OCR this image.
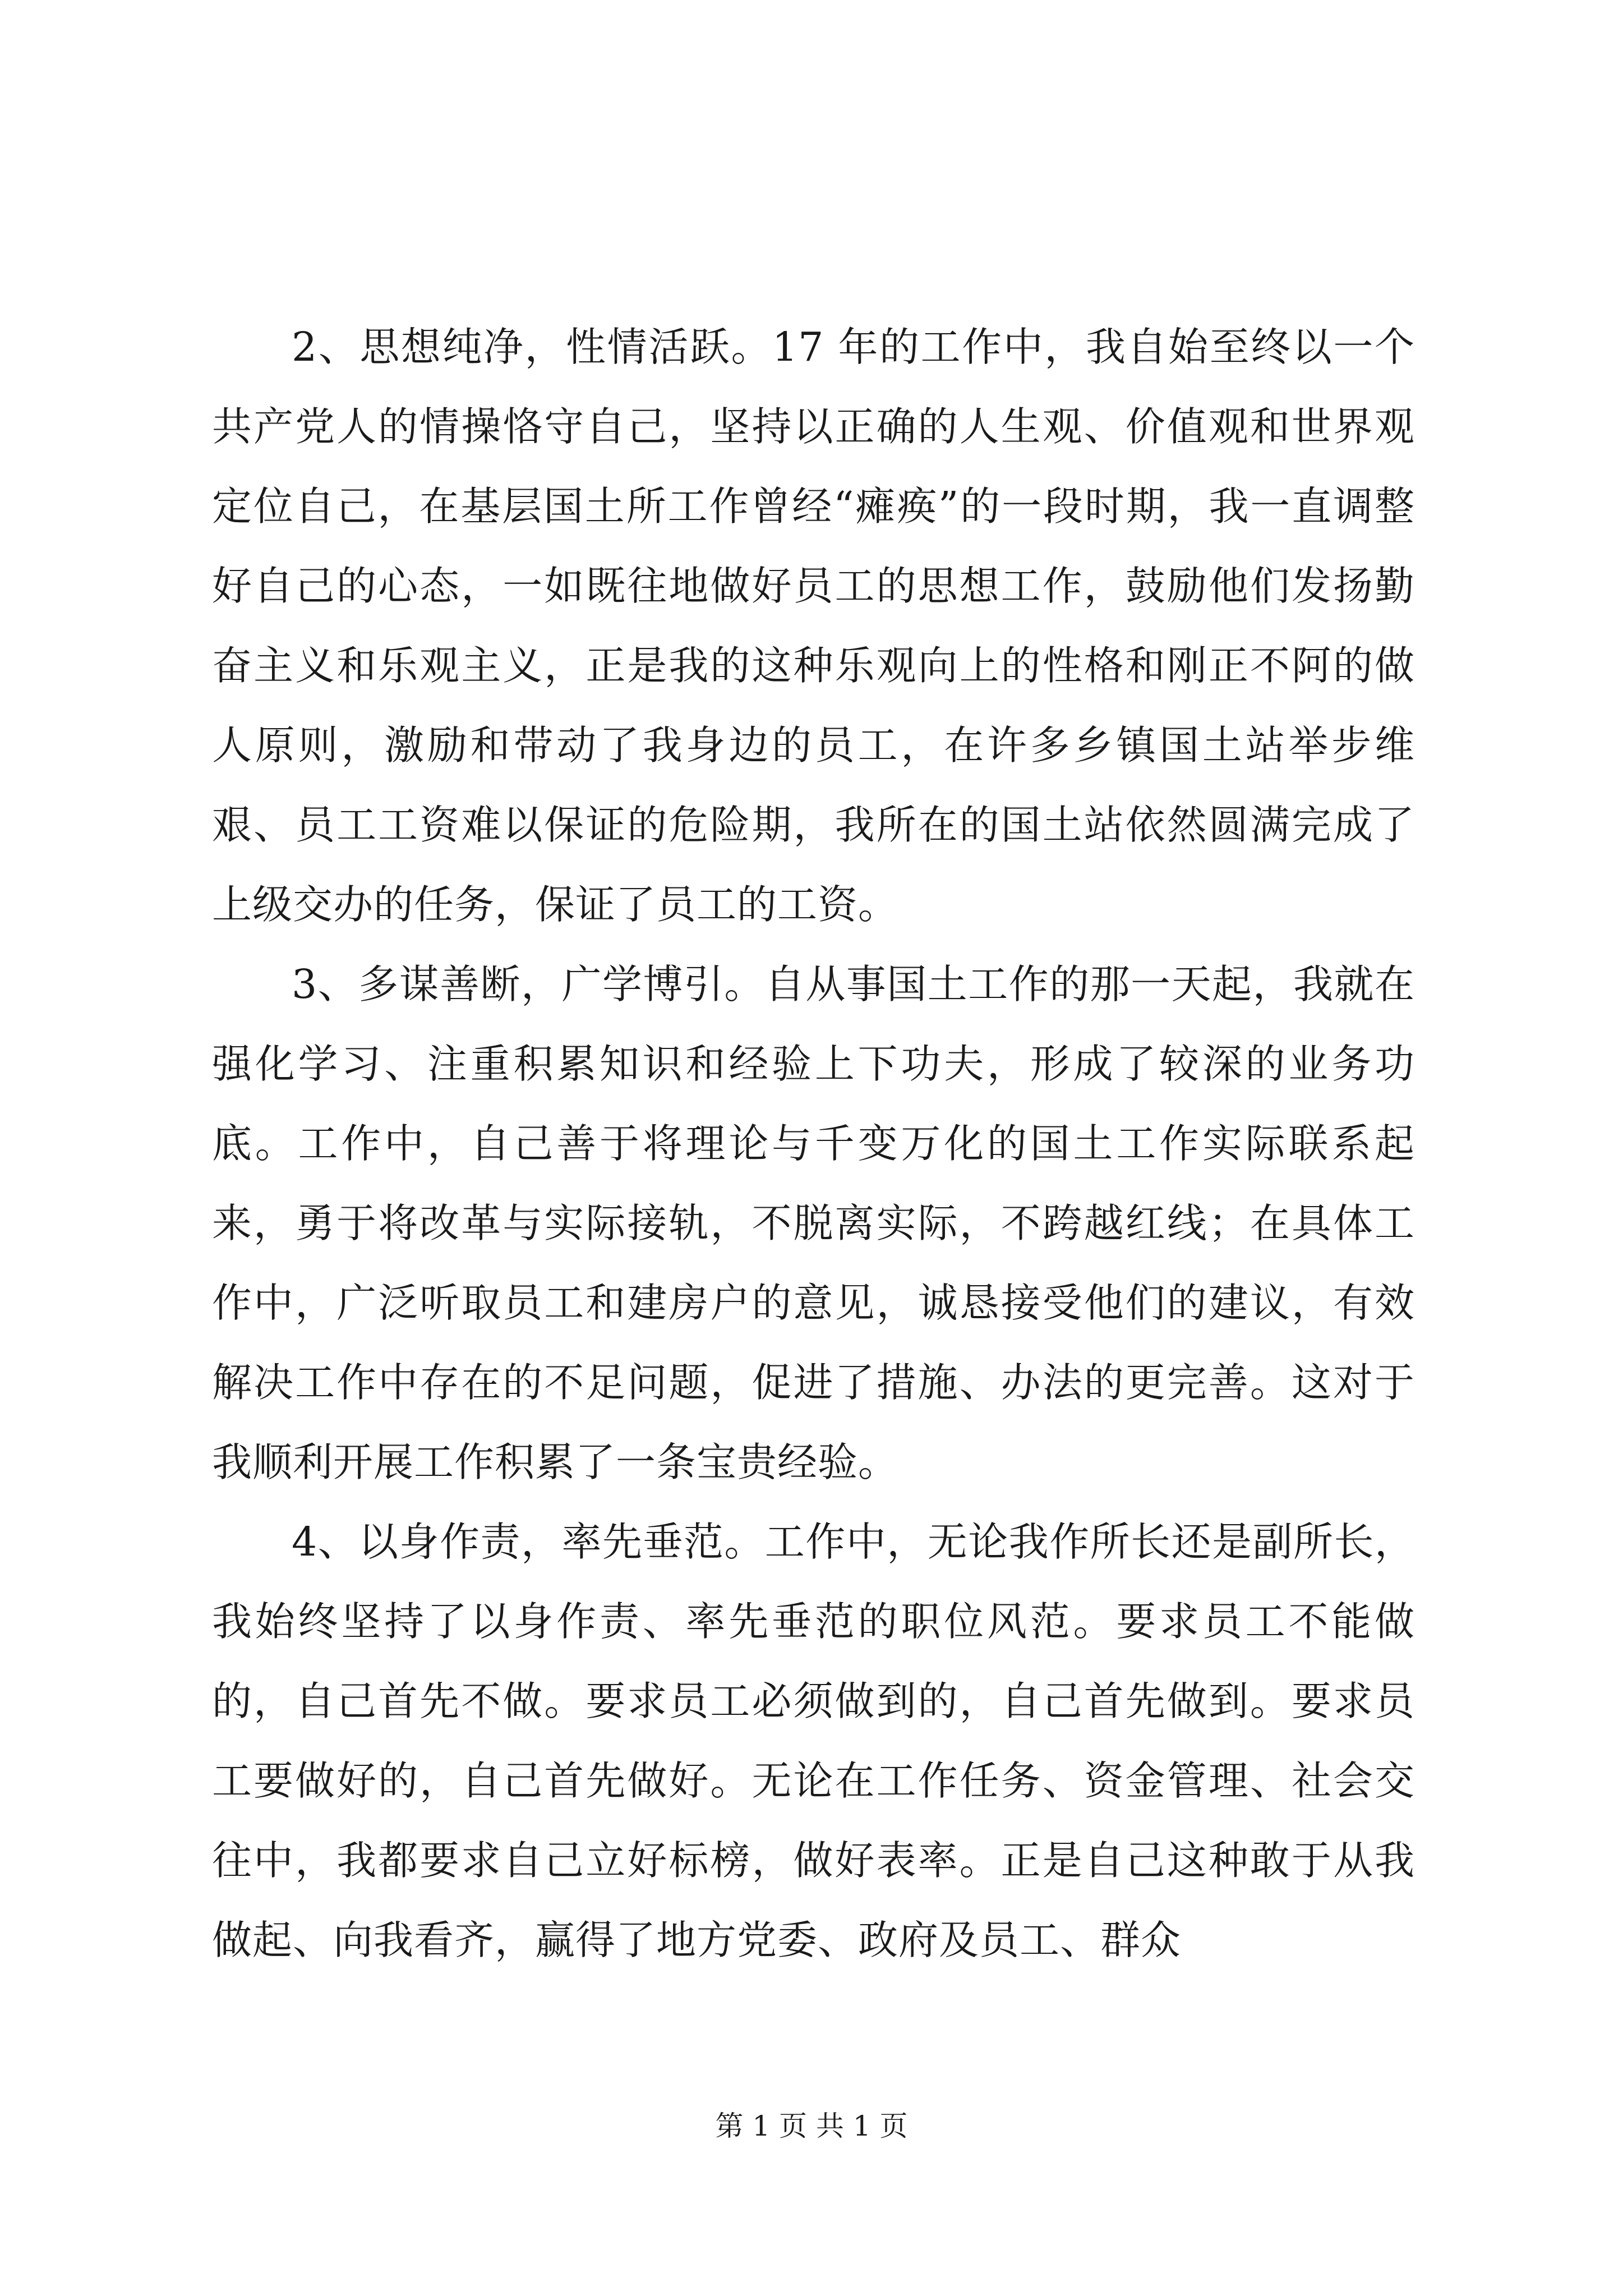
2、思想纯净，性情活跃。17 年的工作中，我自始至终以一个共产党人的情操恪守自己，坚持以正确的人生观、价值观和世界观定位自己，在基层国土所工作曾经“瘫痪”的一段时期，我一直调整好自己的心态，一如既往地做好员工的思想工作，鼓励他们发扬勤奋主义和乐观主义，正是我的这种乐观向上的性格和刚正不阿的做人原则，激励和带动了我身边的员工，在许多乡镇国土站举步维艰、员工工资难以保证的危险期，我所在的国土站依然圆满完成了上级交办的任务，保证了员工的工资。

3、多谋善断，广学博引。自从事国土工作的那一天起，我就在强化学习、注重积累知识和经验上下功夫，形成了较深的业务功底。工作中，自己善于将理论与千变万化的国土工作实际联系起来，勇于将改革与实际接轨，不脱离实际，不跨越红线；在具体工作中，广泛听取员工和建房户的意见，诚恳接受他们的建议，有效解决工作中存在的不足问题，促进了措施、办法的更完善。这对于我顺利开展工作积累了一条宝贵经验。

4、以身作责，率先垂范。工作中，无论我作所长还是副所长，我始终坚持了以身作责、率先垂范的职位风范。要求员工不能做的，自己首先不做。要求员工必须做到的，自己首先做到。要求员工要做好的，自己首先做好。无论在工作任务、资金管理、社会交往中，我都要求自己立好标榜，做好表率。正是自己这种敢于从我做起、向我看齐，赢得了地方党委、政府及员工、群众

第 1 页 共 1 页
